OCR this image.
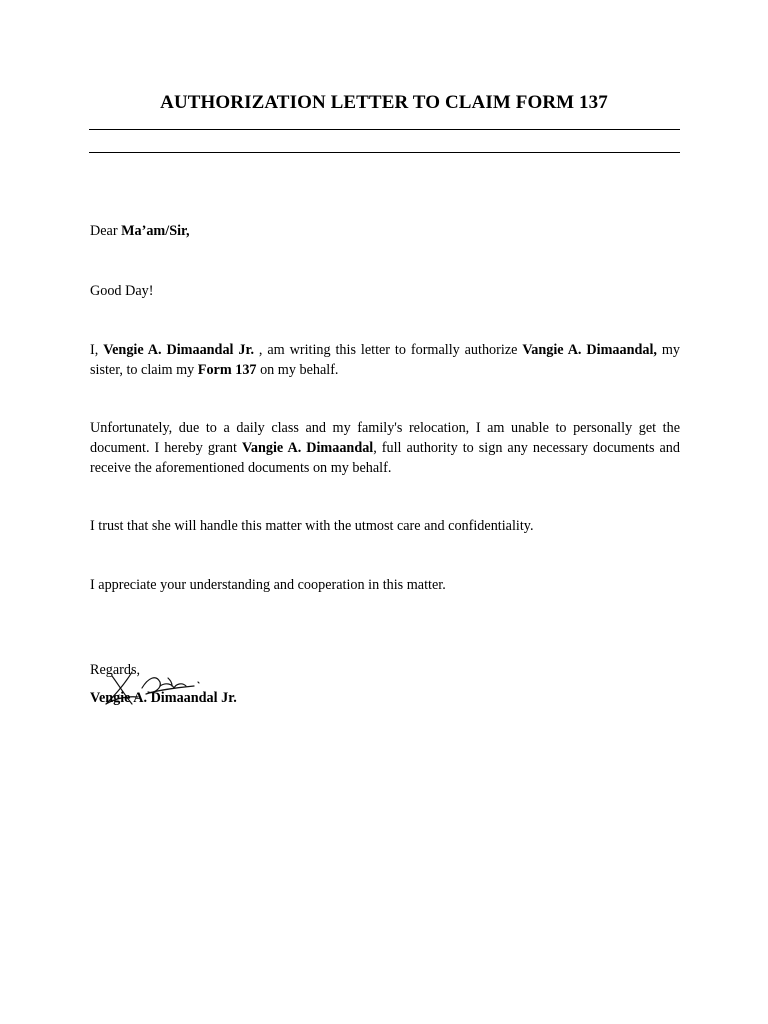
AUTHORIZATION LETTER TO CLAIM FORM 137
Dear Ma’am/Sir,
Good Day!
I, Vengie A. Dimaandal Jr. , am writing this letter to formally authorize Vangie A. Dimaandal, my sister, to claim my Form 137 on my behalf.
Unfortunately, due to a daily class and my family's relocation, I am unable to personally get the document. I hereby grant Vangie A. Dimaandal, full authority to sign any necessary documents and receive the aforementioned documents on my behalf.
I trust that she will handle this matter with the utmost care and confidentiality.
I appreciate your understanding and cooperation in this matter.
Regards,
Vengie A. Dimaandal Jr.
